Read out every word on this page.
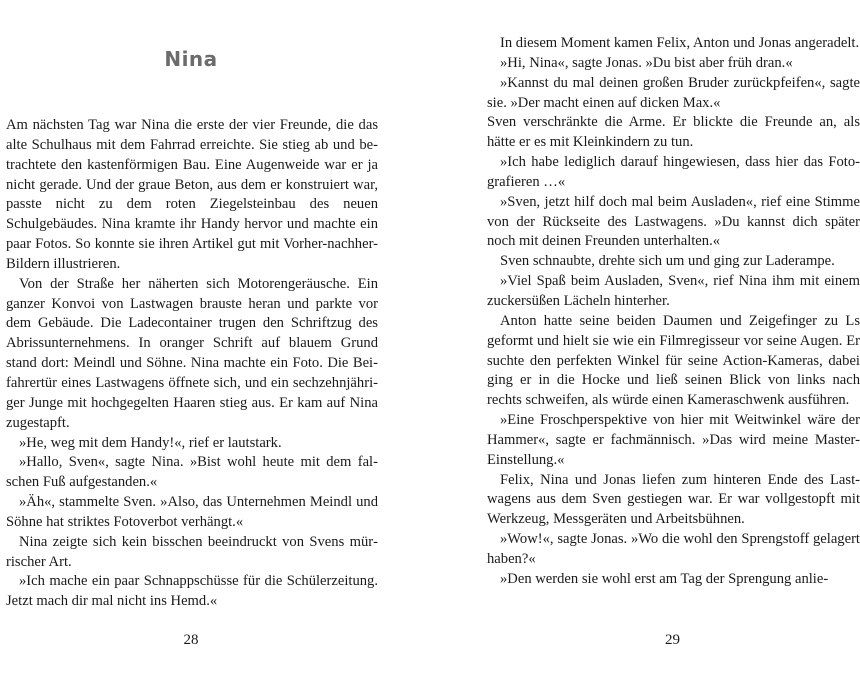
Nina

Am nächsten Tag war Nina die erste der vier Freunde, die das alte Schulhaus mit dem Fahrrad erreichte. Sie stieg ab und betrachtete den kastenförmigen Bau. Eine Augenweide war er ja nicht gerade. Und der graue Beton, aus dem er konstruiert war, passte nicht zu dem roten Ziegelsteinbau des neuen Schulgebäudes. Nina kramte ihr Handy hervor und machte ein paar Fotos. So konnte sie ihren Artikel gut mit Vorher-nachher-Bildern illustrieren.

Von der Straße her näherten sich Motorengeräusche. Ein ganzer Konvoi von Lastwagen brauste heran und parkte vor dem Gebäude. Die Ladecontainer trugen den Schriftzug des Abrissunternehmens. In oranger Schrift auf blauem Grund stand dort: Meindl und Söhne. Nina machte ein Foto. Die Beifahrertür eines Lastwagens öffnete sich, und ein sechzehnjähriger Junge mit hochgegelten Haaren stieg aus. Er kam auf Nina zugestapft.

»He, weg mit dem Handy!«, rief er lautstark.

»Hallo, Sven«, sagte Nina. »Bist wohl heute mit dem falschen Fuß aufgestanden.«

»Äh«, stammelte Sven. »Also, das Unternehmen Meindl und Söhne hat striktes Fotoverbot verhängt.«

Nina zeigte sich kein bisschen beeindruckt von Svens mürrischer Art.

»Ich mache ein paar Schnappschüsse für die Schülerzeitung. Jetzt mach dir mal nicht ins Hemd.«

28

In diesem Moment kamen Felix, Anton und Jonas angeradelt.

»Hi, Nina«, sagte Jonas. »Du bist aber früh dran.«

»Kannst du mal deinen großen Bruder zurückpfeifen«, sagte sie. »Der macht einen auf dicken Max.«

Sven verschränkte die Arme. Er blickte die Freunde an, als hätte er es mit Kleinkindern zu tun.

»Ich habe lediglich darauf hingewiesen, dass hier das Fotografieren …«

»Sven, jetzt hilf doch mal beim Ausladen«, rief eine Stimme von der Rückseite des Lastwagens. »Du kannst dich später noch mit deinen Freunden unterhalten.«

Sven schnaubte, drehte sich um und ging zur Laderampe.

»Viel Spaß beim Ausladen, Sven«, rief Nina ihm mit einem zuckersüßen Lächeln hinterher.

Anton hatte seine beiden Daumen und Zeigefinger zu Ls geformt und hielt sie wie ein Filmregisseur vor seine Augen. Er suchte den perfekten Winkel für seine Action-Kameras, dabei ging er in die Hocke und ließ seinen Blick von links nach rechts schweifen, als würde einen Kameraschwenk ausführen.

»Eine Froschperspektive von hier mit Weitwinkel wäre der Hammer«, sagte er fachmännisch. »Das wird meine Master-Einstellung.«

Felix, Nina und Jonas liefen zum hinteren Ende des Lastwagens aus dem Sven gestiegen war. Er war vollgestopft mit Werkzeug, Messgeräten und Arbeitsbühnen.

»Wow!«, sagte Jonas. »Wo die wohl den Sprengstoff gelagert haben?«

»Den werden sie wohl erst am Tag der Sprengung anlie-

29
